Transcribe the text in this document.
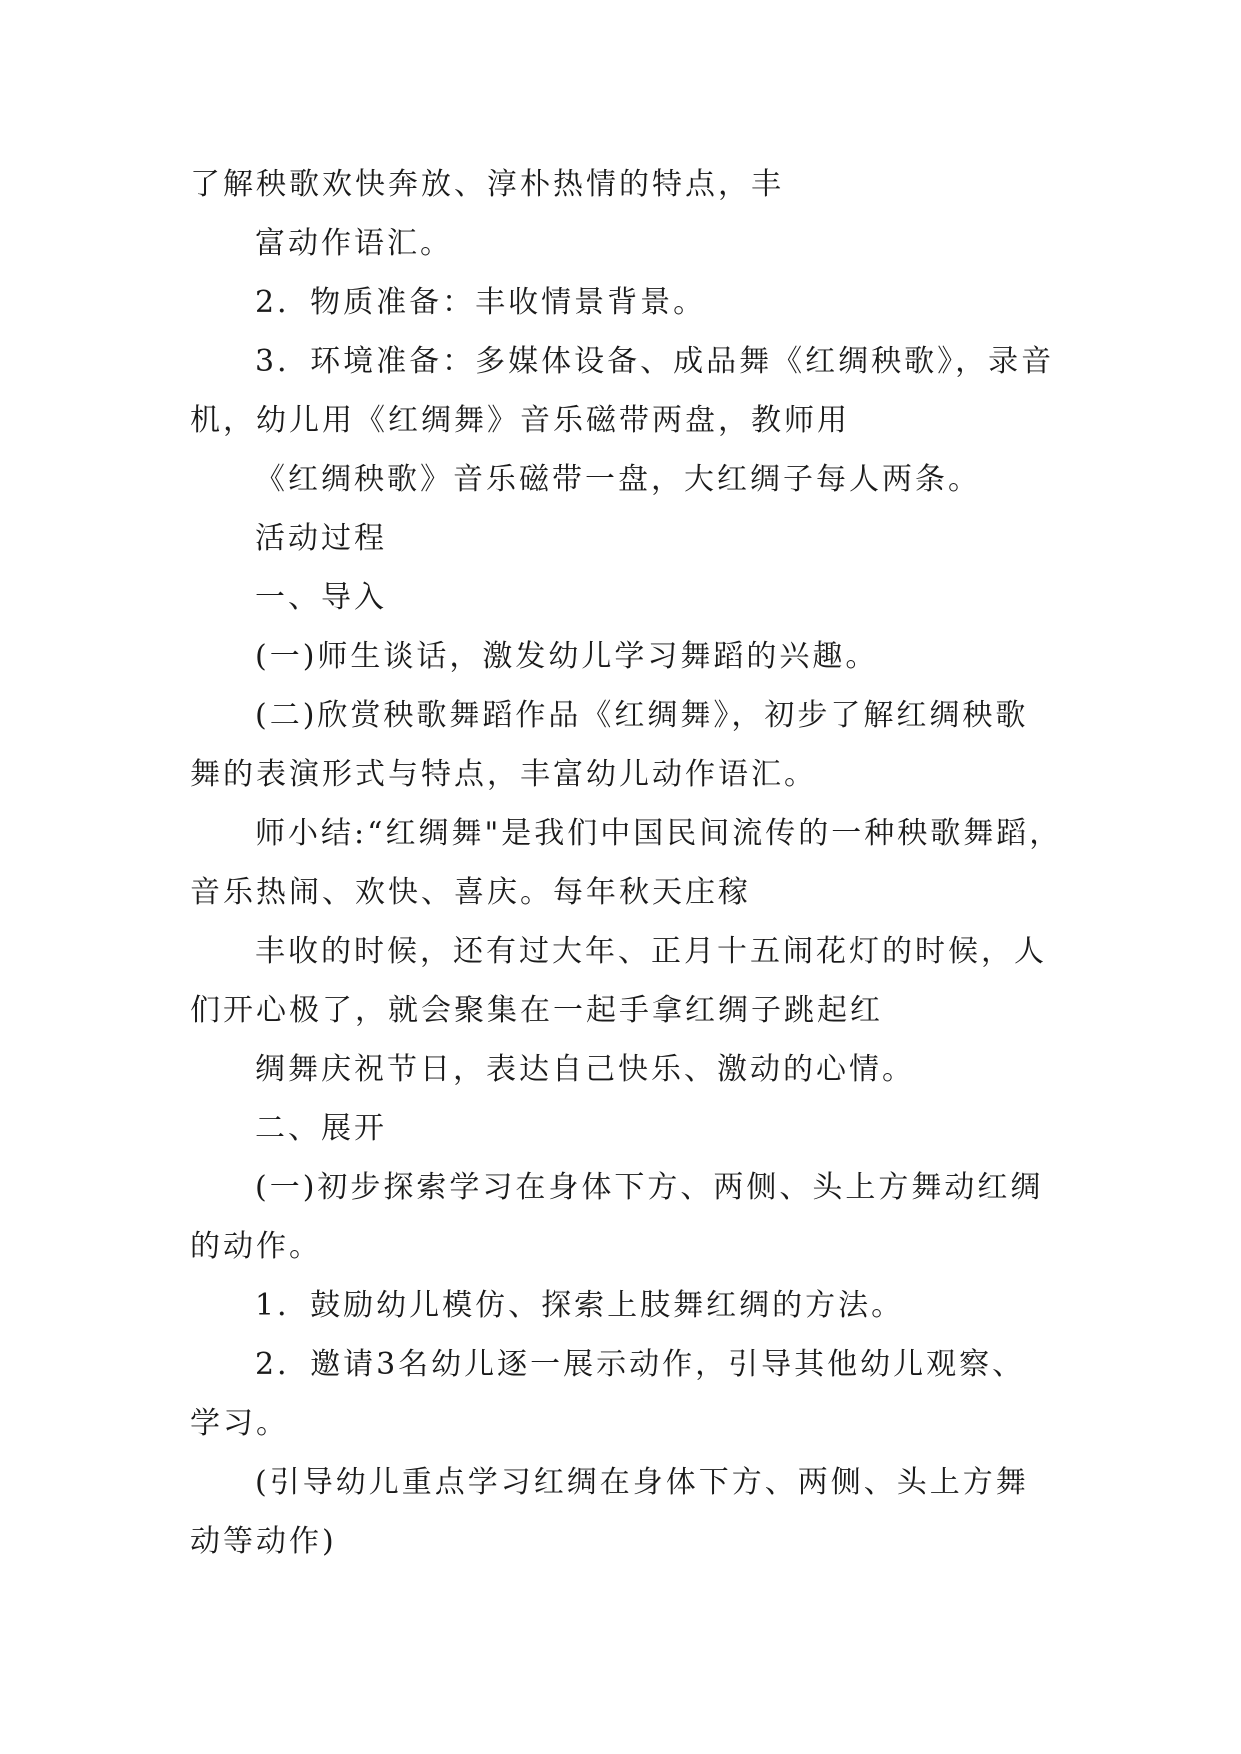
了解秧歌欢快奔放、淳朴热情的特点，丰
富动作语汇。
2．物质准备：丰收情景背景。
3．环境准备：多媒体设备、成品舞《红绸秧歌》，录音
机，幼儿用《红绸舞》音乐磁带两盘，教师用
《红绸秧歌》音乐磁带一盘，大红绸子每人两条。
活动过程
一、导入
(一)师生谈话，激发幼儿学习舞蹈的兴趣。
(二)欣赏秧歌舞蹈作品《红绸舞》，初步了解红绸秧歌
舞的表演形式与特点，丰富幼儿动作语汇。
师小结:“红绸舞"是我们中国民间流传的一种秧歌舞蹈，
音乐热闹、欢快、喜庆。每年秋天庄稼
丰收的时候，还有过大年、正月十五闹花灯的时候，人
们开心极了，就会聚集在一起手拿红绸子跳起红
绸舞庆祝节日，表达自己快乐、激动的心情。
二、展开
(一)初步探索学习在身体下方、两侧、头上方舞动红绸
的动作。
1．鼓励幼儿模仿、探索上肢舞红绸的方法。
2．邀请3名幼儿逐一展示动作，引导其他幼儿观察、
学习。
(引导幼儿重点学习红绸在身体下方、两侧、头上方舞
动等动作)
